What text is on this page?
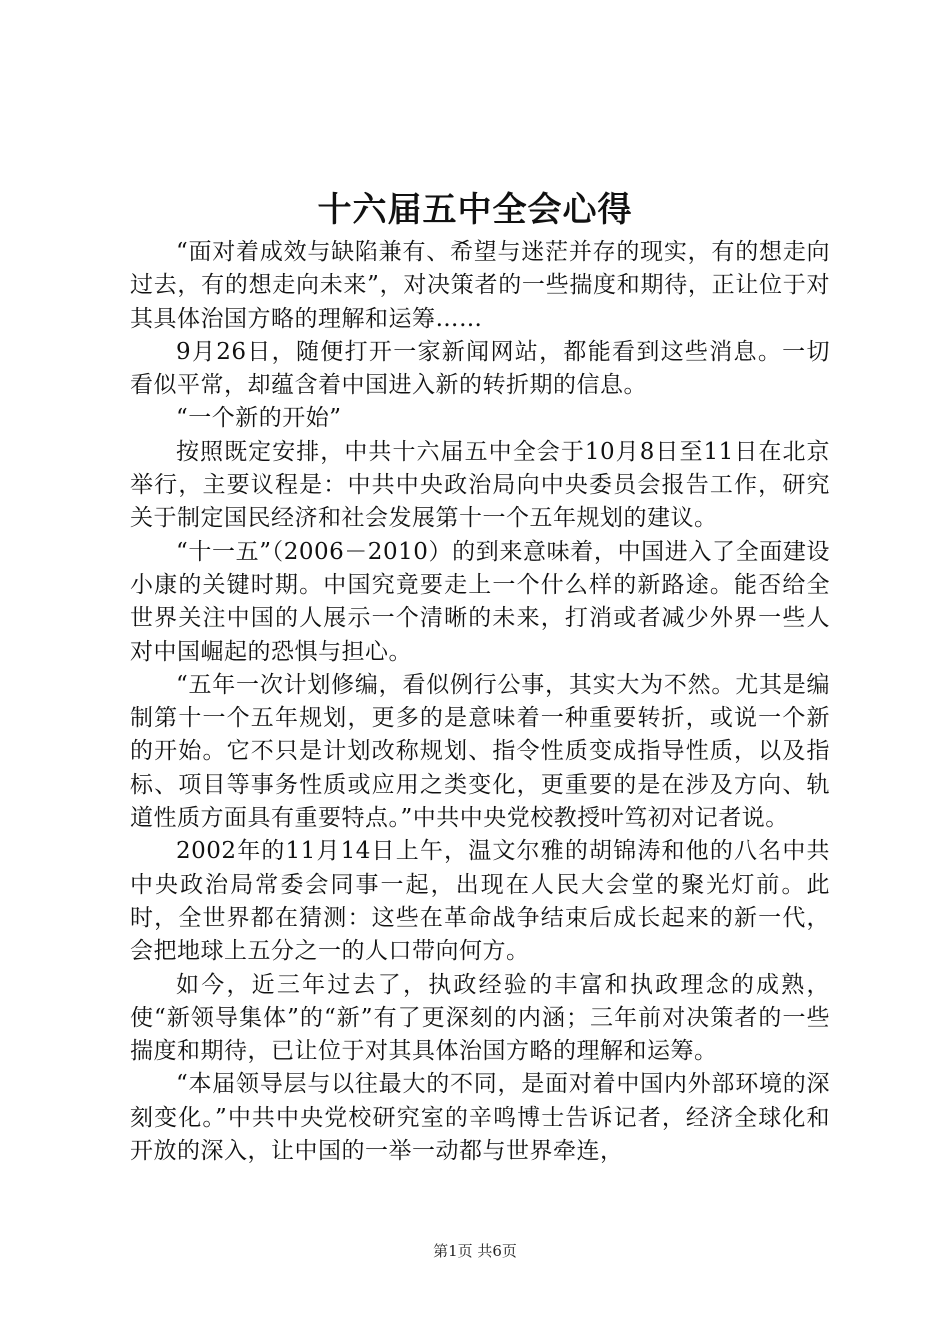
十六届五中全会心得

“面对着成效与缺陷兼有、希望与迷茫并存的现实，有的想走向过去，有的想走向未来”，对决策者的一些揣度和期待，正让位于对其具体治国方略的理解和运筹……

9月26日，随便打开一家新闻网站，都能看到这些消息。一切看似平常，却蕴含着中国进入新的转折期的信息。

“一个新的开始”

按照既定安排，中共十六届五中全会于10月8日至11日在北京举行，主要议程是：中共中央政治局向中央委员会报告工作，研究关于制定国民经济和社会发展第十一个五年规划的建议。

“十一五”（2006－2010）的到来意味着，中国进入了全面建设小康的关键时期。中国究竟要走上一个什么样的新路途。能否给全世界关注中国的人展示一个清晰的未来，打消或者减少外界一些人对中国崛起的恐惧与担心。

“五年一次计划修编，看似例行公事，其实大为不然。尤其是编制第十一个五年规划，更多的是意味着一种重要转折，或说一个新的开始。它不只是计划改称规划、指令性质变成指导性质，以及指标、项目等事务性质或应用之类变化，更重要的是在涉及方向、轨道性质方面具有重要特点。”中共中央党校教授叶笃初对记者说。

2002年的11月14日上午，温文尔雅的胡锦涛和他的八名中共中央政治局常委会同事一起，出现在人民大会堂的聚光灯前。此时，全世界都在猜测：这些在革命战争结束后成长起来的新一代，会把地球上五分之一的人口带向何方。

如今，近三年过去了，执政经验的丰富和执政理念的成熟，使“新领导集体”的“新”有了更深刻的内涵；三年前对决策者的一些揣度和期待，已让位于对其具体治国方略的理解和运筹。

“本届领导层与以往最大的不同，是面对着中国内外部环境的深刻变化。”中共中央党校研究室的辛鸣博士告诉记者，经济全球化和开放的深入，让中国的一举一动都与世界牵连，

第1页 共6页
